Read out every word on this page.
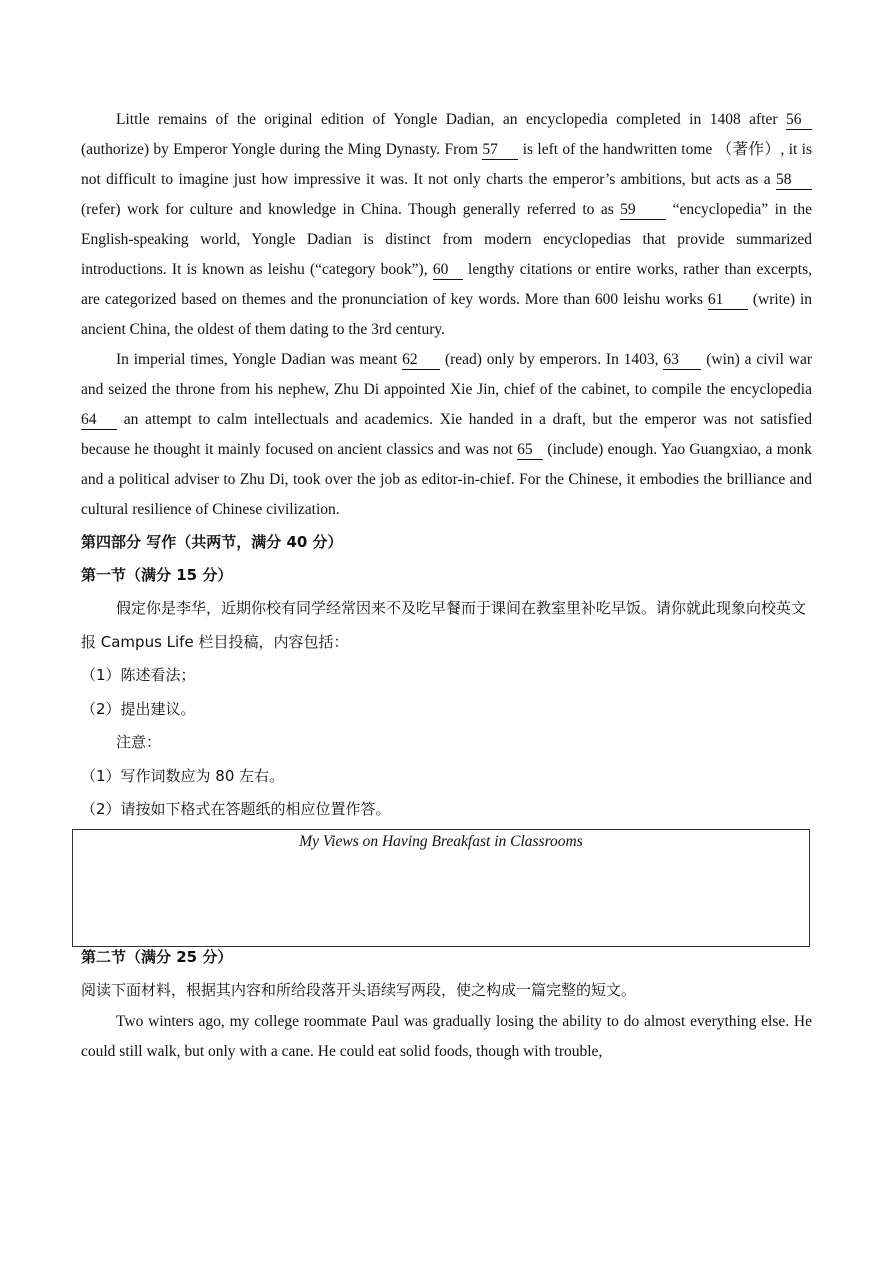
Little remains of the original edition of Yongle Dadian, an encyclopedia completed in 1408 after 56 (authorize) by Emperor Yongle during the Ming Dynasty. From 57 is left of the handwritten tome （著作）, it is not difficult to imagine just how impressive it was. It not only charts the emperor’s ambitions, but acts as a 58 (refer) work for culture and knowledge in China. Though generally referred to as 59 “encyclopedia” in the English-speaking world, Yongle Dadian is distinct from modern encyclopedias that provide summarized introductions. It is known as leishu (“category book”), 60 lengthy citations or entire works, rather than excerpts, are categorized based on themes and the pronunciation of key words. More than 600 leishu works 61 (write) in ancient China, the oldest of them dating to the 3rd century.

In imperial times, Yongle Dadian was meant 62 (read) only by emperors. In 1403, 63 (win) a civil war and seized the throne from his nephew, Zhu Di appointed Xie Jin, chief of the cabinet, to compile the encyclopedia 64 an attempt to calm intellectuals and academics. Xie handed in a draft, but the emperor was not satisfied because he thought it mainly focused on ancient classics and was not 65 (include) enough. Yao Guangxiao, a monk and a political adviser to Zhu Di, took over the job as editor-in-chief. For the Chinese, it embodies the brilliance and cultural resilience of Chinese civilization.

第四部分 写作（共两节，满分 40 分）

第一节（满分 15 分）

假定你是李华，近期你校有同学经常因来不及吃早餐而于课间在教室里补吃早饭。请你就此现象向校英文报 Campus Life 栏目投稿，内容包括：

（1）陈述看法；

（2）提出建议。

注意：

（1）写作词数应为 80 左右。

（2）请按如下格式在答题纸的相应位置作答。

My Views on Having Breakfast in Classrooms

第二节（满分 25 分）

阅读下面材料，根据其内容和所给段落开头语续写两段，使之构成一篇完整的短文。

Two winters ago, my college roommate Paul was gradually losing the ability to do almost everything else. He could still walk, but only with a cane. He could eat solid foods, though with trouble,
